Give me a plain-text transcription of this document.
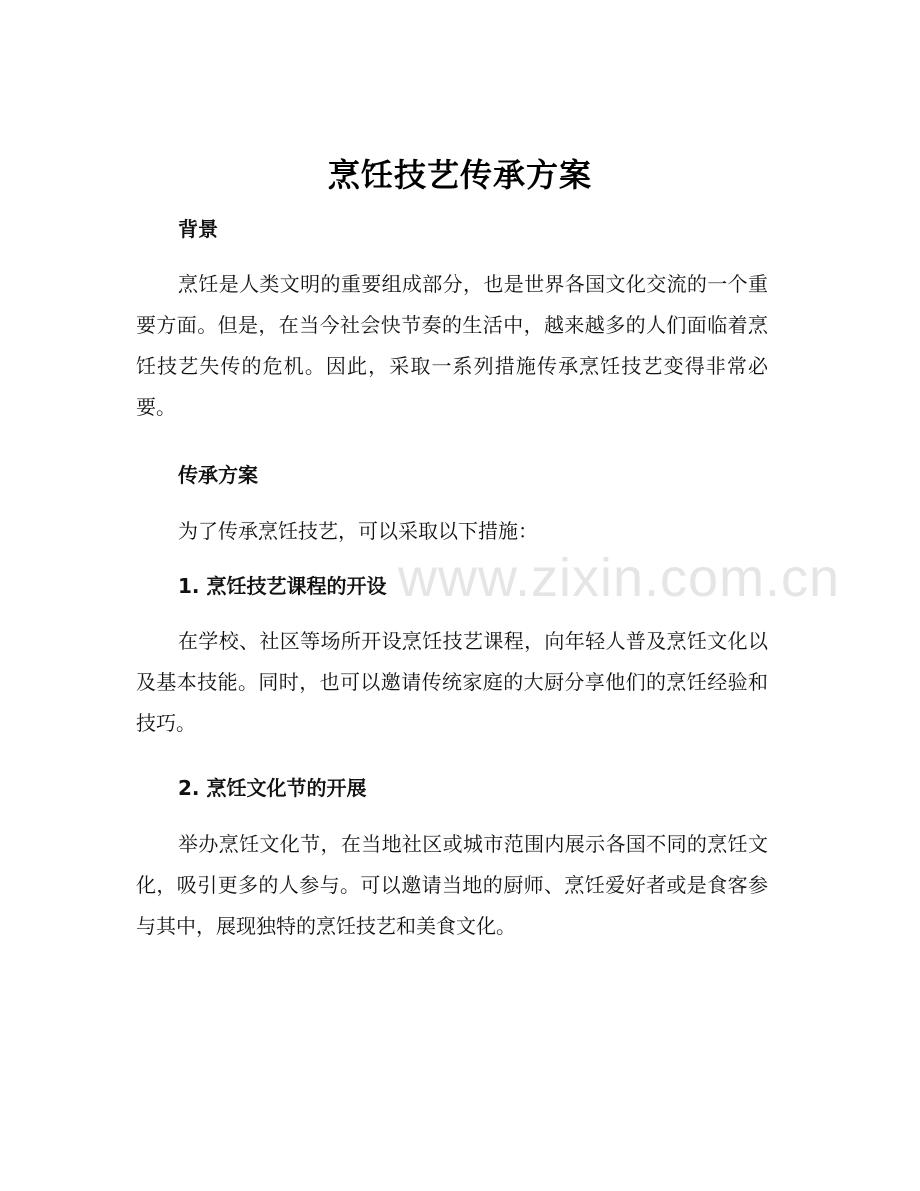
烹饪技艺传承方案
背景

烹饪是人类文明的重要组成部分，也是世界各国文化交流的一个重要方面。但是，在当今社会快节奏的生活中，越来越多的人们面临着烹饪技艺失传的危机。因此，采取一系列措施传承烹饪技艺变得非常必要。

传承方案

为了传承烹饪技艺，可以采取以下措施：

1. 烹饪技艺课程的开设

在学校、社区等场所开设烹饪技艺课程，向年轻人普及烹饪文化以及基本技能。同时，也可以邀请传统家庭的大厨分享他们的烹饪经验和技巧。

2. 烹饪文化节的开展

举办烹饪文化节，在当地社区或城市范围内展示各国不同的烹饪文化，吸引更多的人参与。可以邀请当地的厨师、烹饪爱好者或是食客参与其中，展现独特的烹饪技艺和美食文化。

www.zixin.com.cn
